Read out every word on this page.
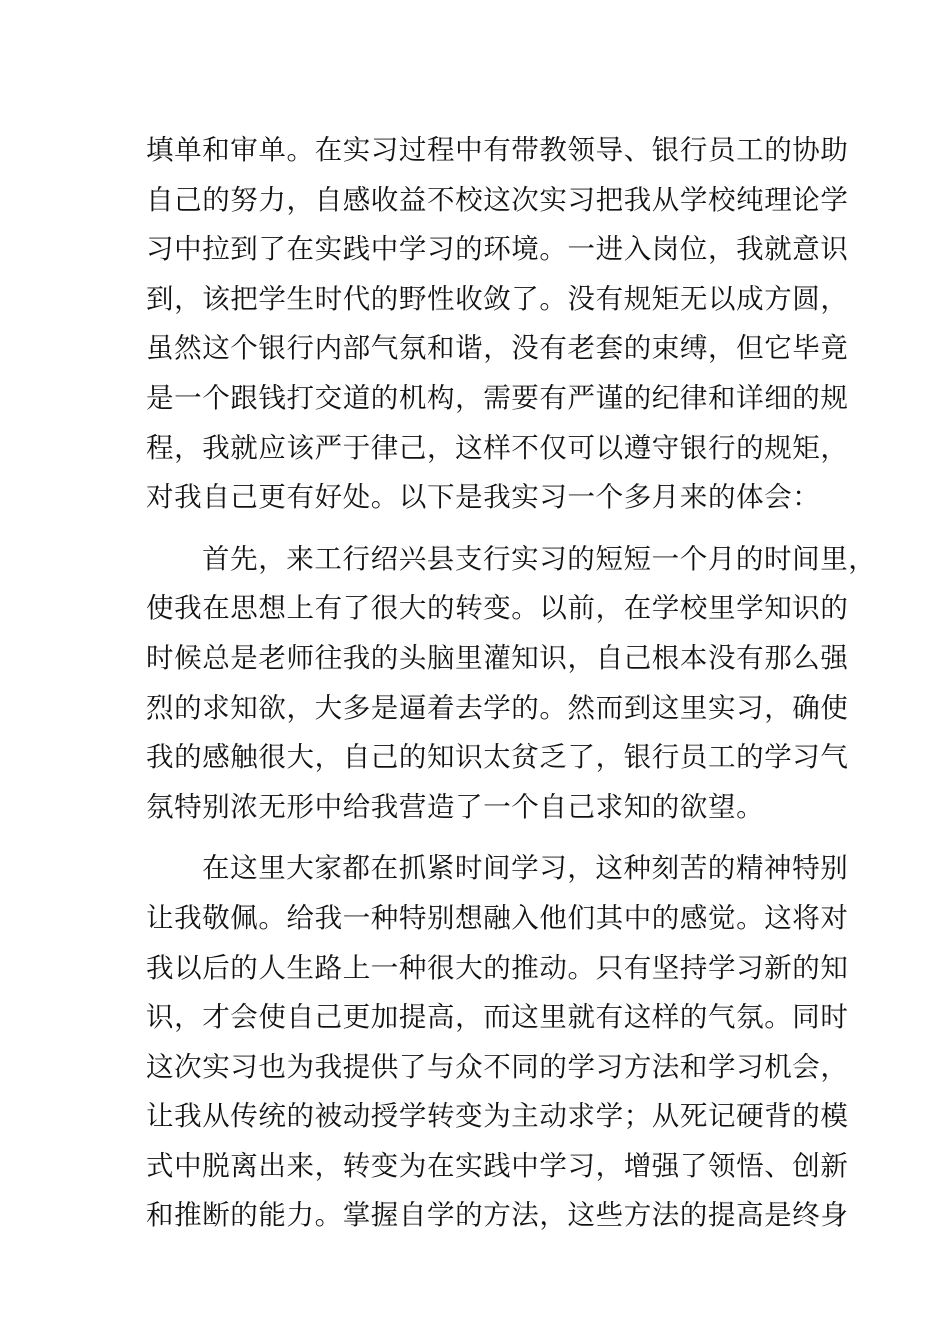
填单和审单。在实习过程中有带教领导、银行员工的协助
自己的努力，自感收益不校这次实习把我从学校纯理论学
习中拉到了在实践中学习的环境。一进入岗位，我就意识
到，该把学生时代的野性收敛了。没有规矩无以成方圆，
虽然这个银行内部气氛和谐，没有老套的束缚，但它毕竟
是一个跟钱打交道的机构，需要有严谨的纪律和详细的规
程，我就应该严于律己，这样不仅可以遵守银行的规矩，
对我自己更有好处。以下是我实习一个多月来的体会：
首先，来工行绍兴县支行实习的短短一个月的时间里，
使我在思想上有了很大的转变。以前，在学校里学知识的
时候总是老师往我的头脑里灌知识，自己根本没有那么强
烈的求知欲，大多是逼着去学的。然而到这里实习，确使
我的感触很大，自己的知识太贫乏了，银行员工的学习气
氛特别浓无形中给我营造了一个自己求知的欲望。
在这里大家都在抓紧时间学习，这种刻苦的精神特别
让我敬佩。给我一种特别想融入他们其中的感觉。这将对
我以后的人生路上一种很大的推动。只有坚持学习新的知
识，才会使自己更加提高，而这里就有这样的气氛。同时
这次实习也为我提供了与众不同的学习方法和学习机会，
让我从传统的被动授学转变为主动求学；从死记硬背的模
式中脱离出来，转变为在实践中学习，增强了领悟、创新
和推断的能力。掌握自学的方法，这些方法的提高是终身
